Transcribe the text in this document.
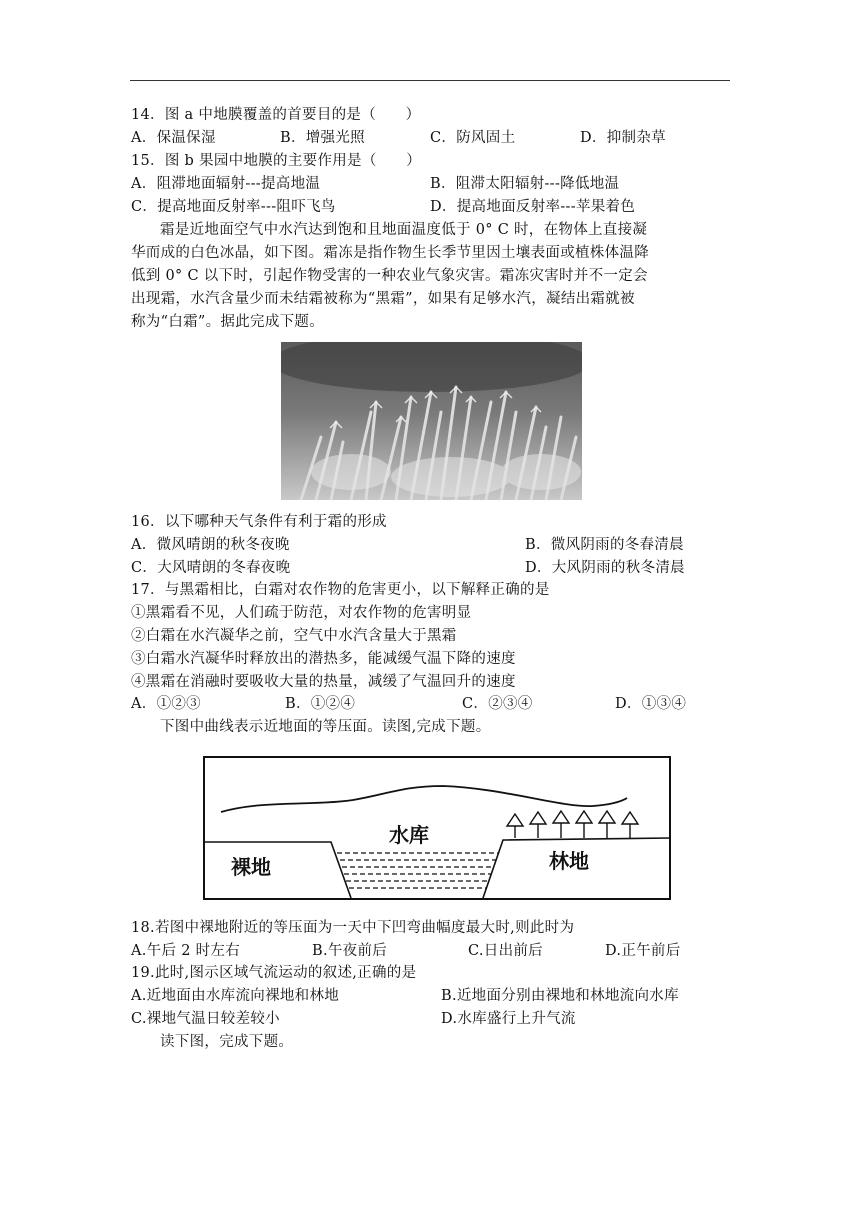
14．图 a 中地膜覆盖的首要目的是（　　）
A．保温保湿	B．增强光照	C．防风固土	D．抑制杂草
15．图 b 果园中地膜的主要作用是（　　）
A．阻滞地面辐射---提高地温	B．阻滞太阳辐射---降低地温
C．提高地面反射率---阻吓飞鸟	D．提高地面反射率---苹果着色
霜是近地面空气中水汽达到饱和且地面温度低于 0° C 时，在物体上直接凝
华而成的白色冰晶，如下图。霜冻是指作物生长季节里因土壤表面或植株体温降
低到 0° C 以下时，引起作物受害的一种农业气象灾害。霜冻灾害时并不一定会
出现霜，水汽含量少而未结霜被称为“黑霜”，如果有足够水汽，凝结出霜就被
称为“白霜”。据此完成下题。
16．以下哪种天气条件有利于霜的形成
A．微风晴朗的秋冬夜晚	B．微风阴雨的冬春清晨
C．大风晴朗的冬春夜晚	D．大风阴雨的秋冬清晨
17．与黑霜相比，白霜对农作物的危害更小，以下解释正确的是
①黑霜看不见，人们疏于防范，对农作物的危害明显
②白霜在水汽凝华之前，空气中水汽含量大于黑霜
③白霜水汽凝华时释放出的潜热多，能减缓气温下降的速度
④黑霜在消融时要吸收大量的热量，减缓了气温回升的速度
A．①②③	B．①②④	C．②③④	D．①③④
下图中曲线表示近地面的等压面。读图,完成下题。
裸地
水库
林地
18.若图中裸地附近的等压面为一天中下凹弯曲幅度最大时,则此时为
A.午后 2 时左右	B.午夜前后	C.日出前后	D.正午前后
19.此时,图示区域气流运动的叙述,正确的是
A.近地面由水库流向裸地和林地	B.近地面分别由裸地和林地流向水库
C.裸地气温日较差较小	D.水库盛行上升气流
读下图，完成下题。
